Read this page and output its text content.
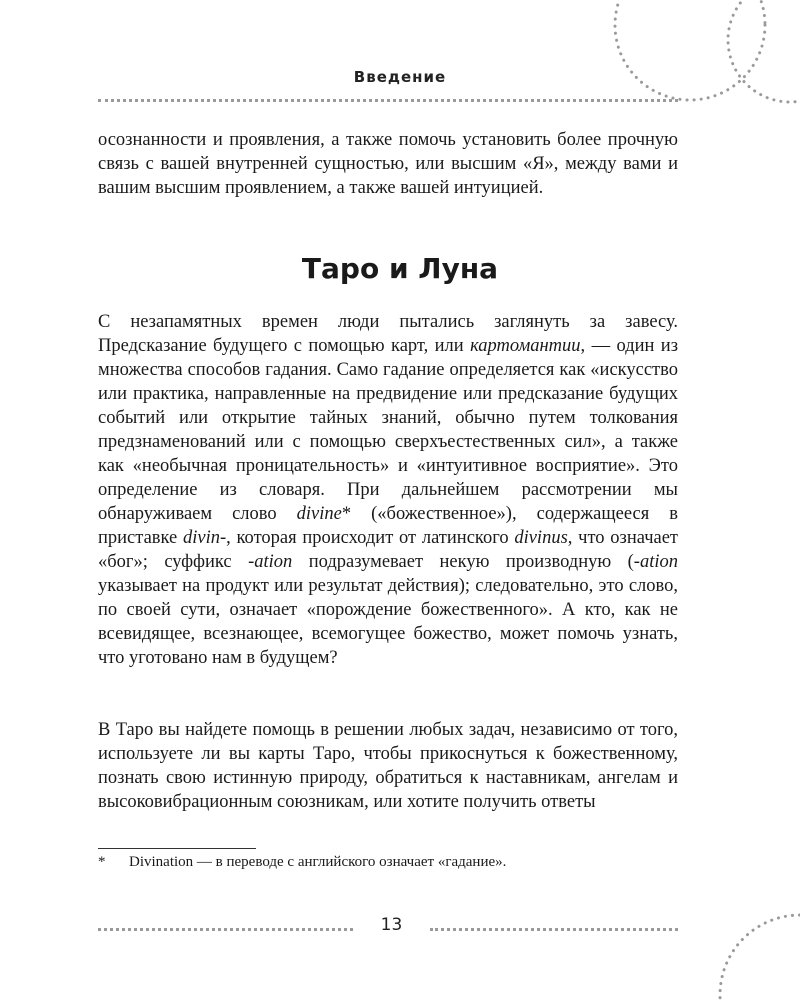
Введение

осознанности и проявления, а также помочь установить более прочную связь с вашей внутренней сущностью, или высшим «Я», между вами и вашим высшим проявлением, а также вашей интуицией.

Таро и Луна

С незапамятных времен люди пытались заглянуть за завесу. Предсказание будущего с помощью карт, или картомантии, — один из множества способов гадания. Само гадание определяется как «искусство или практика, направленные на предвидение или предсказание будущих событий или открытие тайных знаний, обычно путем толкования предзнаменований или с помощью сверхъестественных сил», а также как «необычная проницательность» и «интуитивное восприятие». Это определение из словаря. При дальнейшем рассмотрении мы обнаруживаем слово divine* («божественное»), содержащееся в приставке divin-, которая происходит от латинского divinus, что означает «бог»; суффикс -ation подразумевает некую производную (-ation указывает на продукт или результат действия); следовательно, это слово, по своей сути, означает «порождение божественного». А кто, как не всевидящее, всезнающее, всемогущее божество, может помочь узнать, что уготовано нам в будущем?

В Таро вы найдете помощь в решении любых задач, независимо от того, используете ли вы карты Таро, чтобы прикоснуться к божественному, познать свою истинную природу, обратиться к наставникам, ангелам и высоковибрационным союзникам, или хотите получить ответы

* Divination — в переводе с английского означает «гадание».

13
